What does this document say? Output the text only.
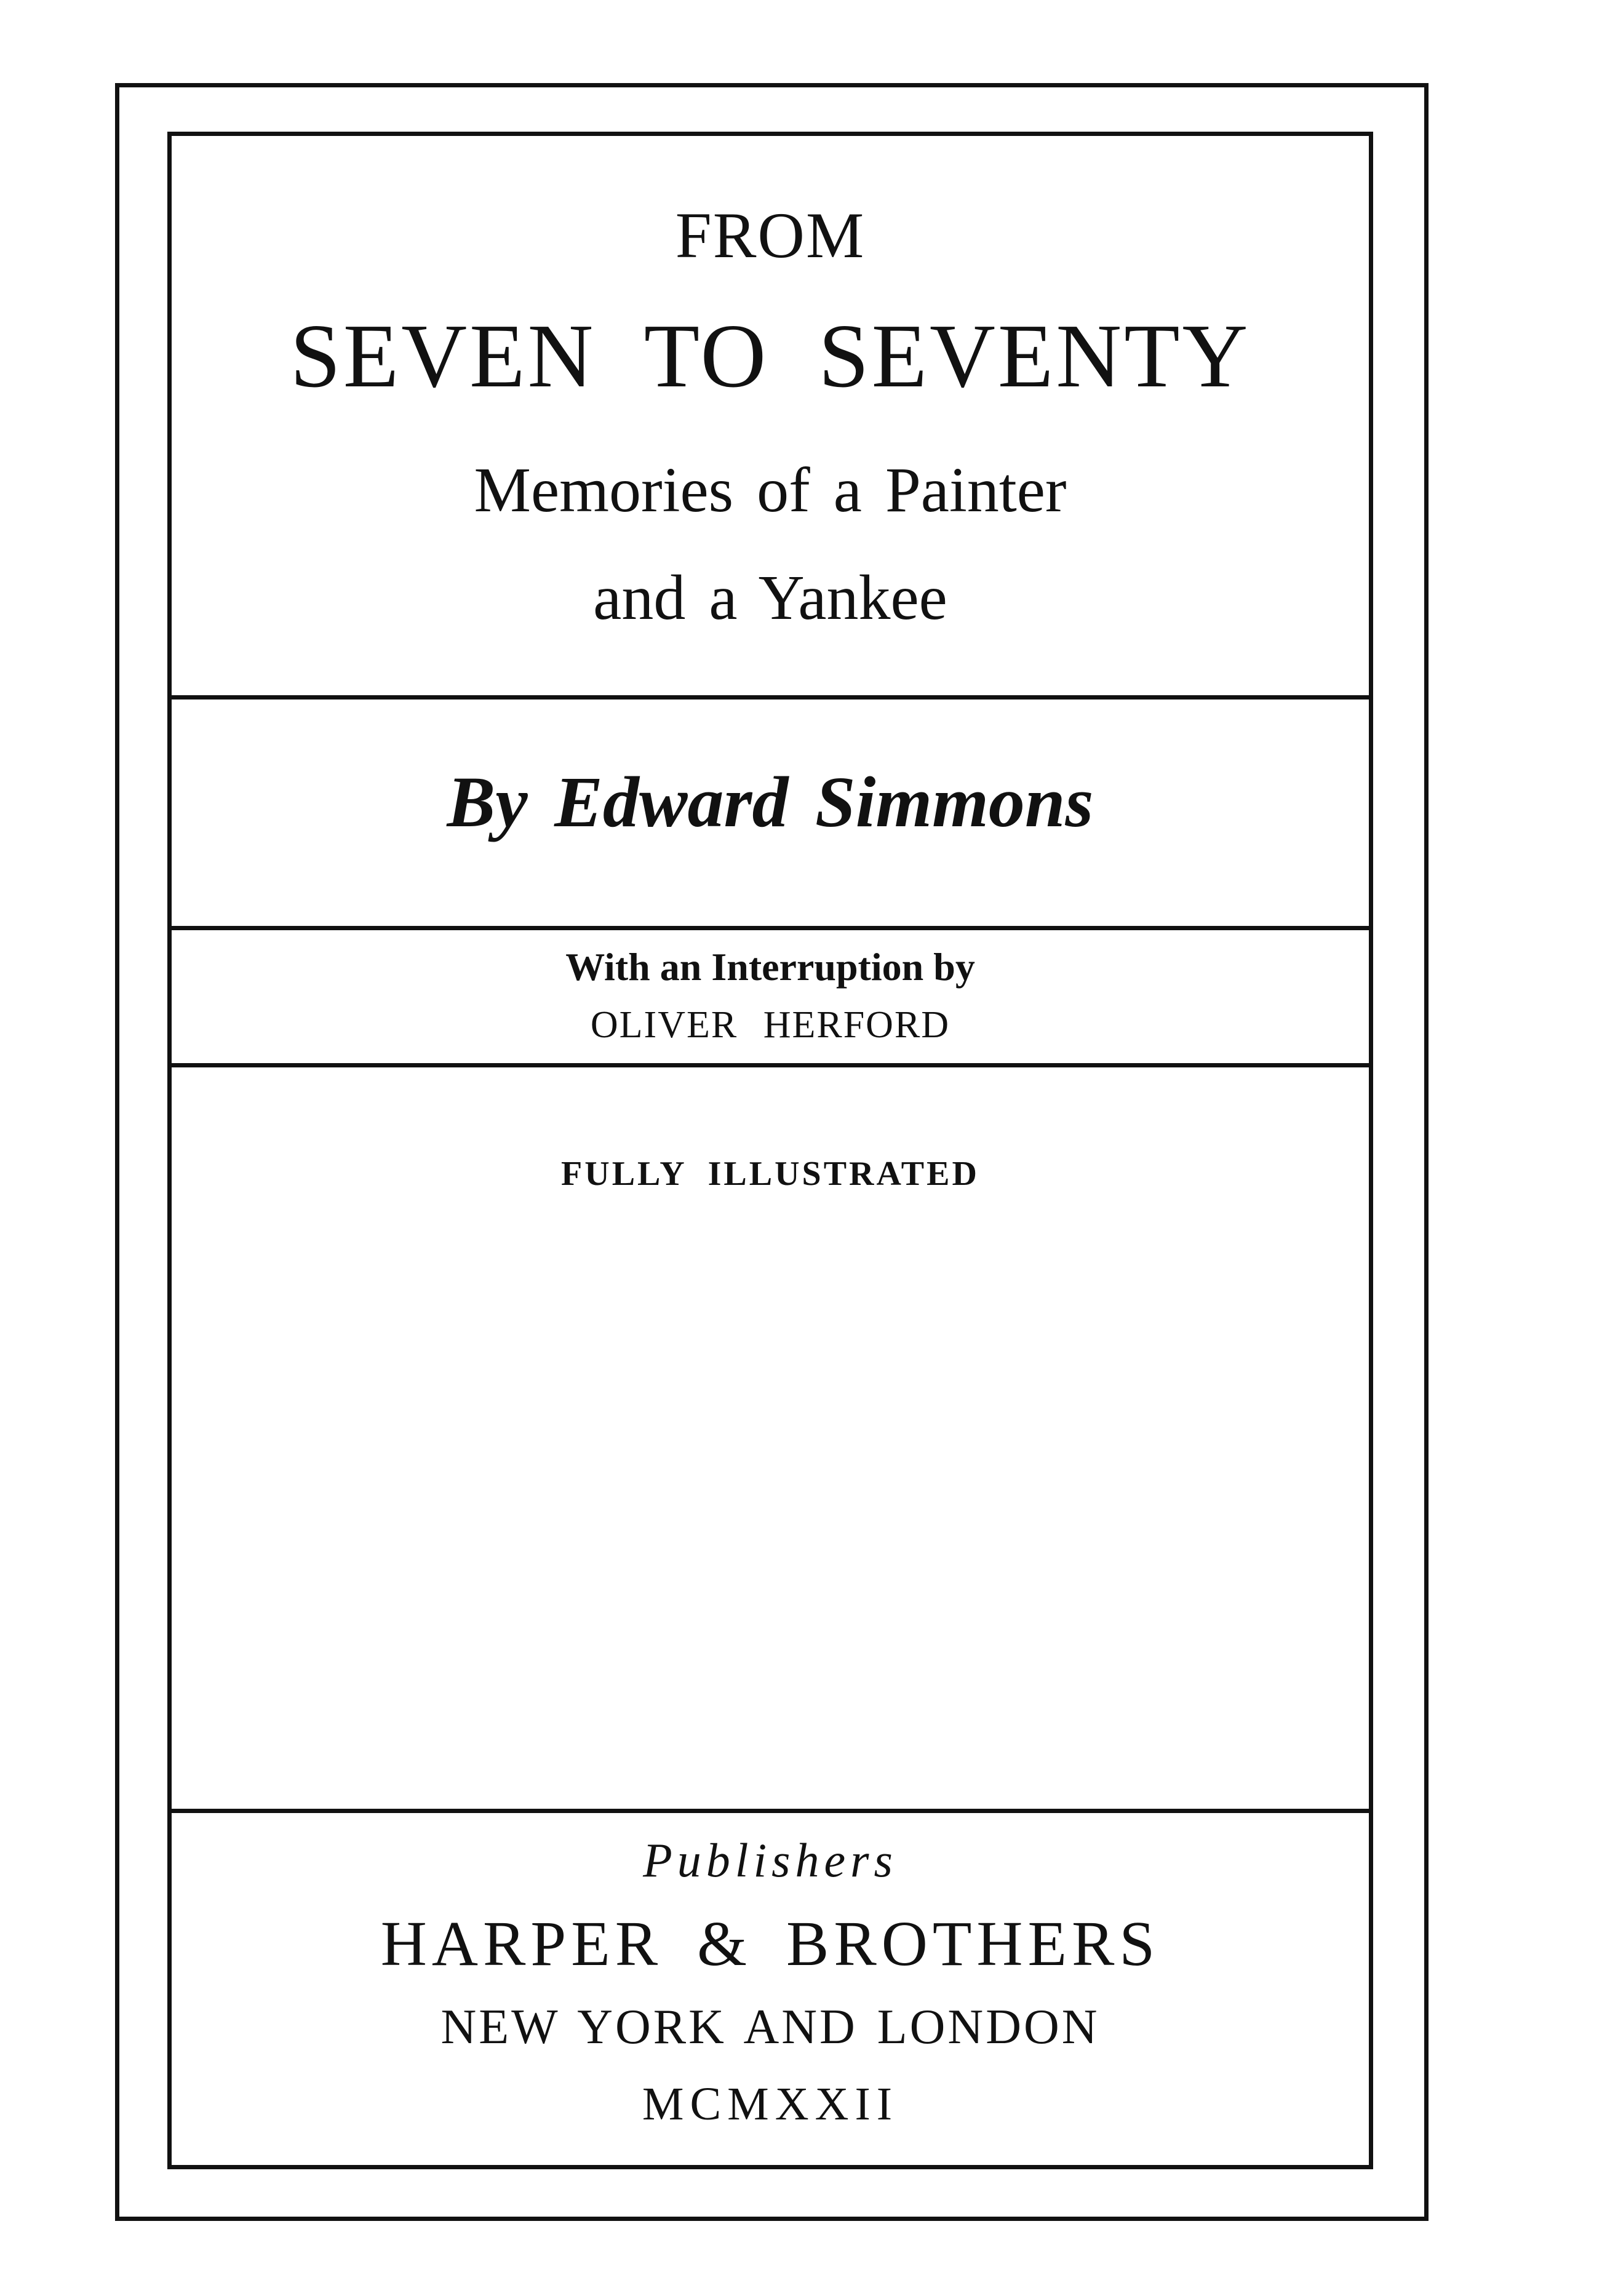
FROM
SEVEN TO SEVENTY
Memories of a Painter
and a Yankee
By Edward Simmons
With an Interruption by
OLIVER HERFORD
FULLY ILLUSTRATED
Publishers
HARPER & BROTHERS
NEW YORK AND LONDON
MCMXXII
